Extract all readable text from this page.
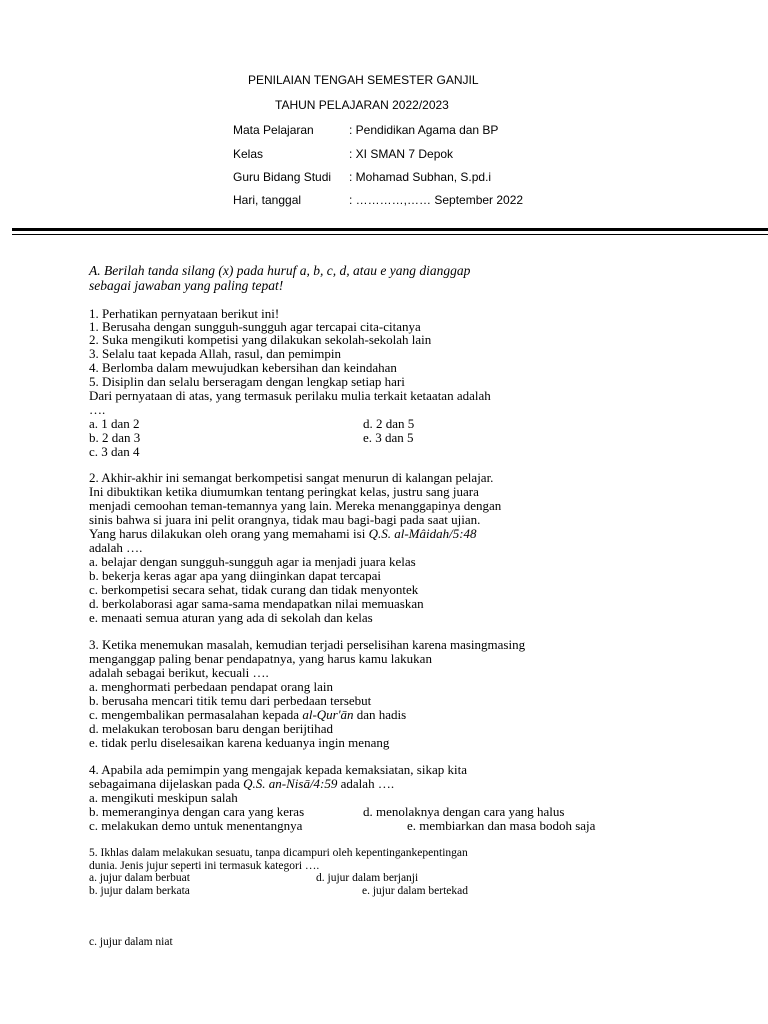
PENILAIAN TENGAH SEMESTER GANJIL
TAHUN PELAJARAN 2022/2023
Mata Pelajaran	: Pendidikan Agama dan BP
Kelas	: XI SMAN 7 Depok
Guru Bidang Studi : Mohamad Subhan, S.pd.i
Hari, tanggal	: …………,…… September 2022
A. Berilah tanda silang (x) pada huruf a, b, c, d, atau e yang dianggap
sebagai jawaban yang paling tepat!
1. Perhatikan pernyataan berikut ini!
1. Berusaha dengan sungguh-sungguh agar tercapai cita-citanya
2. Suka mengikuti kompetisi yang dilakukan sekolah-sekolah lain
3. Selalu taat kepada Allah, rasul, dan pemimpin
4. Berlomba dalam mewujudkan kebersihan dan keindahan
5. Disiplin dan selalu berseragam dengan lengkap setiap hari
Dari pernyataan di atas, yang termasuk perilaku mulia terkait ketaatan adalah
….
a. 1 dan 2
b. 2 dan 3
c. 3 dan 4
d. 2 dan 5
e. 3 dan 5
2. Akhir-akhir ini semangat berkompetisi sangat menurun di kalangan pelajar.
Ini dibuktikan ketika diumumkan tentang peringkat kelas, justru sang juara
menjadi cemoohan teman-temannya yang lain. Mereka menanggapinya dengan
sinis bahwa si juara ini pelit orangnya, tidak mau bagi-bagi pada saat ujian.
Yang harus dilakukan oleh orang yang memahami isi Q.S. al-Mâidah/5:48
adalah ….
a. belajar dengan sungguh-sungguh agar ia menjadi juara kelas
b. bekerja keras agar apa yang diinginkan dapat tercapai
c. berkompetisi secara sehat, tidak curang dan tidak menyontek
d. berkolaborasi agar sama-sama mendapatkan nilai memuaskan
e. menaati semua aturan yang ada di sekolah dan kelas
3. Ketika menemukan masalah, kemudian terjadi perselisihan karena masingmasing
menganggap paling benar pendapatnya, yang harus kamu lakukan
adalah sebagai berikut, kecuali ….
a. menghormati perbedaan pendapat orang lain
b. berusaha mencari titik temu dari perbedaan tersebut
c. mengembalikan permasalahan kepada al-Qur'ān dan hadis
d. melakukan terobosan baru dengan berijtihad
e. tidak perlu diselesaikan karena keduanya ingin menang
4. Apabila ada pemimpin yang mengajak kepada kemaksiatan, sikap kita
sebagaimana dijelaskan pada Q.S. an-Nisā/4:59 adalah ….
a. mengikuti meskipun salah
b. memeranginya dengan cara yang keras
c. melakukan demo untuk menentangnya
d. menolaknya dengan cara yang halus
e. membiarkan dan masa bodoh saja
5. Ikhlas dalam melakukan sesuatu, tanpa dicampuri oleh kepentingankepentingan
dunia. Jenis jujur seperti ini termasuk kategori ….
a. jujur dalam berbuat
b. jujur dalam berkata
c. jujur dalam niat
d. jujur dalam berjanji
e. jujur dalam bertekad
